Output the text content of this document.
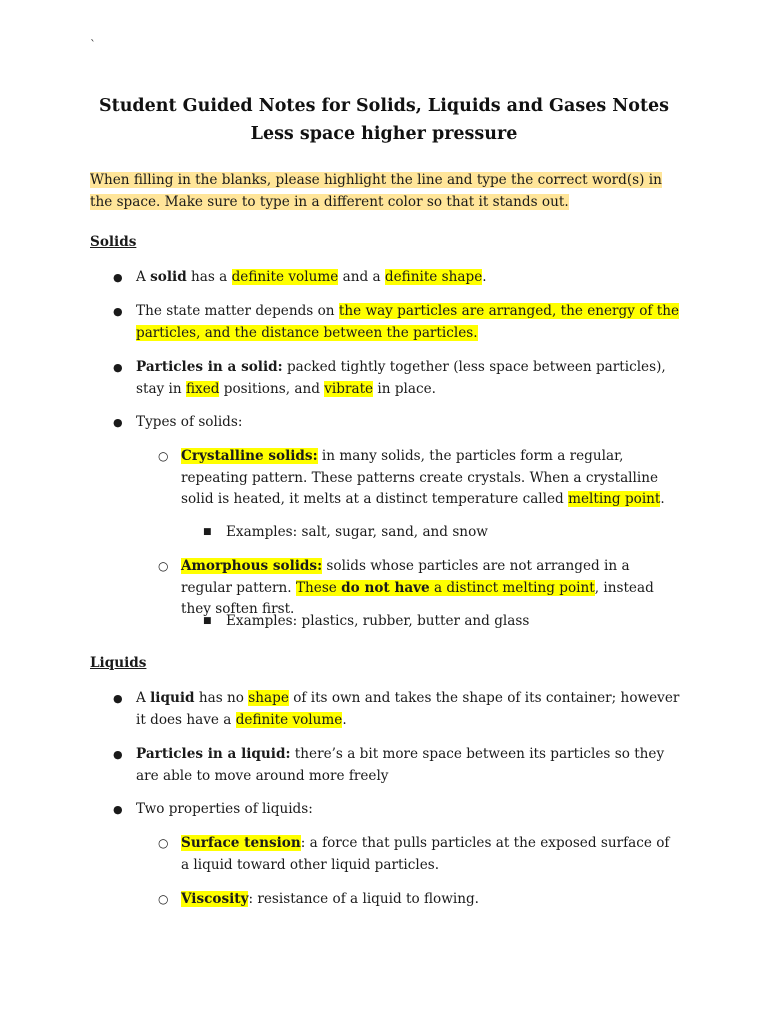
`
Student Guided Notes for Solids, Liquids and Gases Notes
Less space higher pressure
When filling in the blanks, please highlight the line and type the correct word(s) in the space. Make sure to type in a different color so that it stands out.
Solids
● A solid has a definite volume and a definite shape.
● The state matter depends on the way particles are arranged, the energy of the particles, and the distance between the particles.
● Particles in a solid: packed tightly together (less space between particles), stay in fixed positions, and vibrate in place.
● Types of solids:
○ Crystalline solids: in many solids, the particles form a regular, repeating pattern. These patterns create crystals. When a crystalline solid is heated, it melts at a distinct temperature called melting point.
■ Examples: salt, sugar, sand, and snow
○ Amorphous solids: solids whose particles are not arranged in a regular pattern. These do not have a distinct melting point, instead they soften first.
■ Examples: plastics, rubber, butter and glass
Liquids
● A liquid has no shape of its own and takes the shape of its container; however it does have a definite volume.
● Particles in a liquid: there’s a bit more space between its particles so they are able to move around more freely
● Two properties of liquids:
○ Surface tension: a force that pulls particles at the exposed surface of a liquid toward other liquid particles.
○ Viscosity: resistance of a liquid to flowing.
